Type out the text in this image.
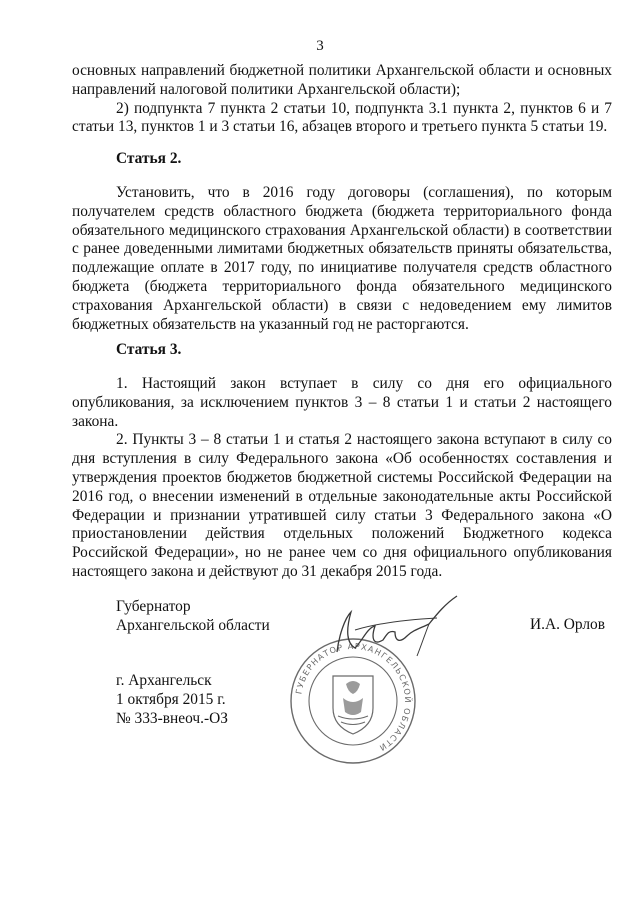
3

основных направлений бюджетной политики Архангельской области и основных направлений налоговой политики Архангельской области);

2) подпункта 7 пункта 2 статьи 10, подпункта 3.1 пункта 2, пунктов 6 и 7 статьи 13, пунктов 1 и 3 статьи 16, абзацев второго и третьего пункта 5 статьи 19.

Статья 2.

Установить, что в 2016 году договоры (соглашения), по которым получателем средств областного бюджета (бюджета территориального фонда обязательного медицинского страхования Архангельской области) в соответствии с ранее доведенными лимитами бюджетных обязательств приняты обязательства, подлежащие оплате в 2017 году, по инициативе получателя средств областного бюджета (бюджета территориального фонда обязательного медицинского страхования Архангельской области) в связи с недоведением ему лимитов бюджетных обязательств на указанный год не расторгаются.

Статья 3.

1. Настоящий закон вступает в силу со дня его официального опубликования, за исключением пунктов 3 – 8 статьи 1 и статьи 2 настоящего закона.

2. Пункты 3 – 8 статьи 1 и статья 2 настоящего закона вступают в силу со дня вступления в силу Федерального закона «Об особенностях составления и утверждения проектов бюджетов бюджетной системы Российской Федерации на 2016 год, о внесении изменений в отдельные законодательные акты Российской Федерации и признании утратившей силу статьи 3 Федерального закона «О приостановлении действия отдельных положений Бюджетного кодекса Российской Федерации», но не ранее чем со дня официального опубликования настоящего закона и действуют до 31 декабря 2015 года.

ГУБЕРНАТОР АРХАНГЕЛЬСКОЙ ОБЛАСТИ
Губернатор
Архангельской области	И.А. Орлов
г. Архангельск
1 октября 2015 г.
№ 333-внеоч.-ОЗ
